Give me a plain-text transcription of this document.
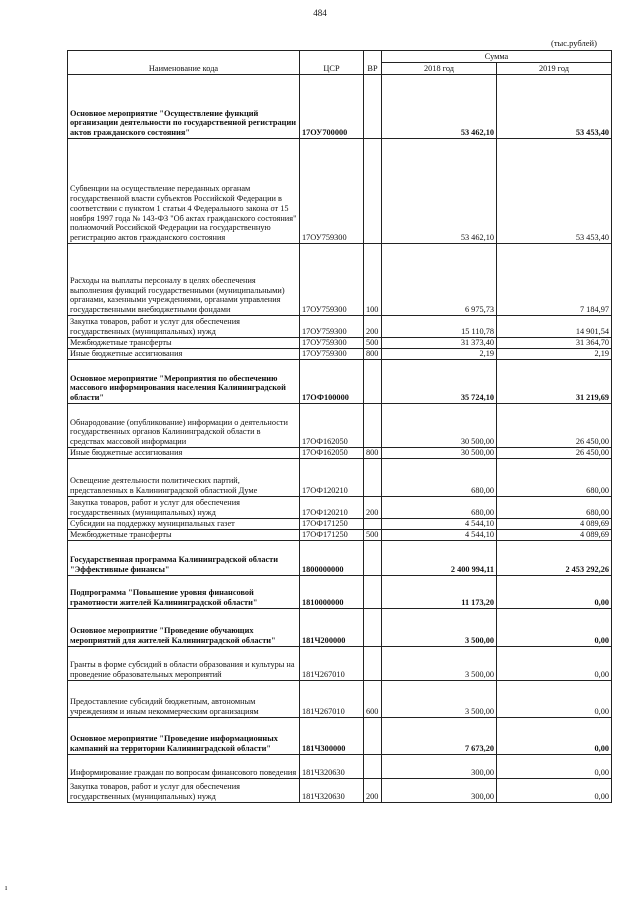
484
(тыс.рублей)
Наименование кода	ЦСР	ВР	Сумма	
			2018 год	2019 год
Основное мероприятие "Осуществление функций организации деятельности по государственной регистрации актов гражданского состояния"	17ОУ700000		53 462,10	53 453,40
Субвенции на осуществление переданных органам государственной власти субъектов Российской Федерации в соответствии с пунктом 1 статьи 4 Федерального закона от 15 ноября 1997 года № 143-ФЗ "Об актах гражданского состояния" полномочий Российской Федерации на государственную регистрацию актов гражданского состояния	17ОУ759300		53 462,10	53 453,40
Расходы на выплаты персоналу в целях обеспечения выполнения функций государственными (муниципальными) органами, казенными учреждениями, органами управления государственными внебюджетными фондами	17ОУ759300	100	6 975,73	7 184,97
Закупка товаров, работ и услуг для обеспечения государственных (муниципальных) нужд	17ОУ759300	200	15 110,78	14 901,54
Межбюджетные трансферты	17ОУ759300	500	31 373,40	31 364,70
Иные бюджетные ассигнования	17ОУ759300	800	2,19	2,19
Основное мероприятие "Мероприятия по обеспечению массового информирования населения Калининградской области"	17ОФ100000		35 724,10	31 219,69
Обнародование (опубликование) информации о деятельности государственных органов Калининградской области в средствах массовой информации	17ОФ162050		30 500,00	26 450,00
Иные бюджетные ассигнования	17ОФ162050	800	30 500,00	26 450,00
Освещение деятельности политических партий, представленных в Калининградской областной Думе	17ОФ120210		680,00	680,00
Закупка товаров, работ и услуг для обеспечения государственных (муниципальных) нужд	17ОФ120210	200	680,00	680,00
Субсидии на поддержку муниципальных газет	17ОФ171250		4 544,10	4 089,69
Межбюджетные трансферты	17ОФ171250	500	4 544,10	4 089,69
Государственная программа Калининградской области "Эффективные финансы"	1800000000		2 400 994,11	2 453 292,26
Подпрограмма "Повышение уровня финансовой грамотности жителей Калининградской области"	1810000000		11 173,20	0,00
Основное мероприятие "Проведение обучающих мероприятий для жителей Калининградской области"	181Ч200000		3 500,00	0,00
Гранты в форме субсидий в области образования и культуры на проведение образовательных мероприятий	181Ч267010		3 500,00	0,00
Предоставление субсидий бюджетным, автономным учреждениям и иным некоммерческим организациям	181Ч267010	600	3 500,00	0,00
Основное мероприятие "Проведение информационных кампаний на территории Калининградской области"	181Ч300000		7 673,20	0,00
Информирование граждан по вопросам финансового поведения	181Ч320630		300,00	0,00
Закупка товаров, работ и услуг для обеспечения государственных (муниципальных) нужд	181Ч320630	200	300,00	0,00
ı
